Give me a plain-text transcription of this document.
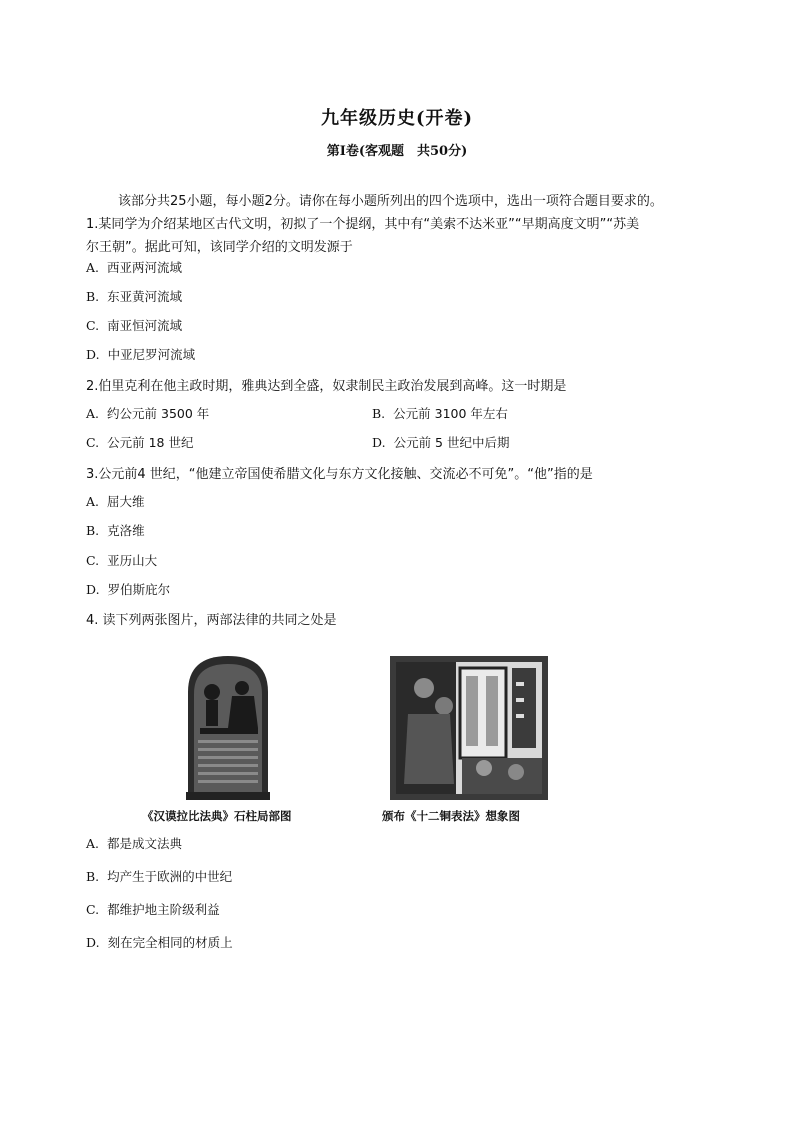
九年级历史(开卷)
第Ⅰ卷(客观题　共50分)
该部分共25小题，每小题2分。请你在每小题所列出的四个选项中，选出一项符合题目要求的。
1.某同学为介绍某地区古代文明，初拟了一个提纲，其中有“美索不达米亚”“早期高度文明”“苏美
尔王朝”。据此可知，该同学介绍的文明发源于
A. 西亚两河流域
B. 东亚黄河流域
C. 南亚恒河流域
D. 中亚尼罗河流域
2.伯里克利在他主政时期，雅典达到全盛，奴隶制民主政治发展到高峰。这一时期是
A. 约公元前 3500 年	B. 公元前 3100 年左右
C. 公元前 18 世纪	D. 公元前 5 世纪中后期
3.公元前4 世纪，“他建立帝国使希腊文化与东方文化接触、交流必不可免”。“他”指的是
A. 屈大维
B. 克洛维
C. 亚历山大
D. 罗伯斯庇尔
4. 读下列两张图片，两部法律的共同之处是
《汉谟拉比法典》石柱局部图	颁布《十二铜表法》想象图
A. 都是成文法典
B. 均产生于欧洲的中世纪
C. 都维护地主阶级利益
D. 刻在完全相同的材质上
